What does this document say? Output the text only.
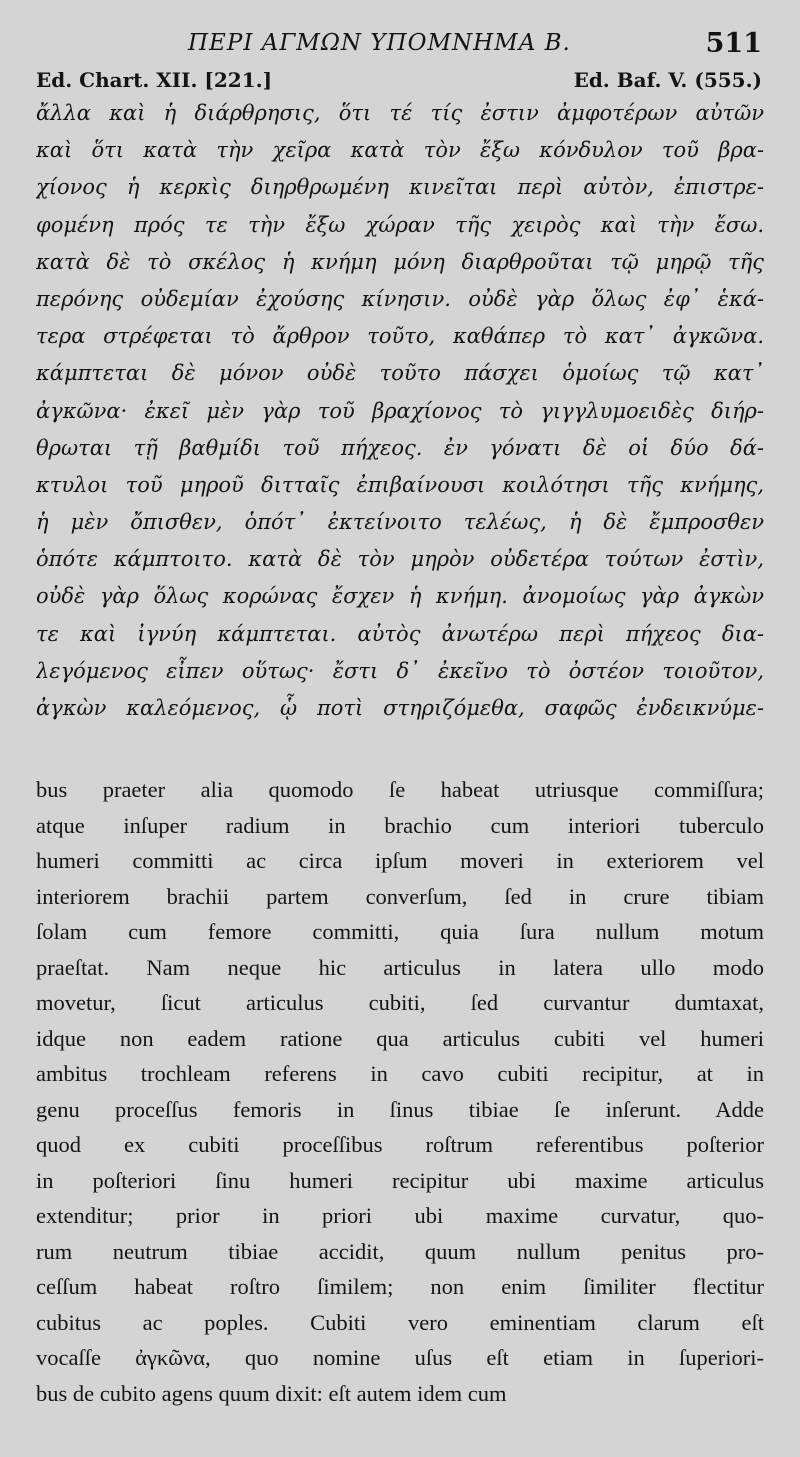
ΠΕΡΙ ΑΓΜΩΝ ΥΠΟΜΝΗΜΑ Β.	511
Ed. Chart. XII. [221.]	Ed. Baf. V. (555.)
ἄλλα καὶ ἡ διάρθρησις, ὅτι τέ τίς ἐστιν ἀμφοτέρων αὐτῶν
καὶ ὅτι κατὰ τὴν χεῖρα κατὰ τὸν ἔξω κόνδυλον τοῦ βρα-
χίονος ἡ κερκὶς διηρθρωμένη κινεῖται περὶ αὐτὸν, ἐπιστρε-
φομένη πρός τε τὴν ἔξω χώραν τῆς χειρὸς καὶ τὴν ἔσω.
κατὰ δὲ τὸ σκέλος ἡ κνήμη μόνη διαρθροῦται τῷ μηρῷ τῆς
περόνης οὐδεμίαν ἐχούσης κίνησιν. οὐδὲ γὰρ ὅλως ἐφ᾽ ἑκά-
τερα στρέφεται τὸ ἄρθρον τοῦτο, καθάπερ τὸ κατ᾽ ἀγκῶνα.
κάμπτεται δὲ μόνον οὐδὲ τοῦτο πάσχει ὁμοίως τῷ κατ᾽
ἀγκῶνα· ἐκεῖ μὲν γὰρ τοῦ βραχίονος τὸ γιγγλυμοειδὲς διήρ-
θρωται τῇ βαθμίδι τοῦ πήχεος. ἐν γόνατι δὲ οἱ δύο δά-
κτυλοι τοῦ μηροῦ διτταῖς ἐπιβαίνουσι κοιλότησι τῆς κνήμης,
ἡ μὲν ὄπισθεν, ὁπότ᾽ ἐκτείνοιτο τελέως, ἡ δὲ ἔμπροσθεν
ὁπότε κάμπτοιτο. κατὰ δὲ τὸν μηρὸν οὐδετέρα τούτων ἐστὶν,
οὐδὲ γὰρ ὅλως κορώνας ἔσχεν ἡ κνήμη. ἀνομοίως γὰρ ἀγκὼν
τε καὶ ἰγνύη κάμπτεται. αὐτὸς ἀνωτέρω περὶ πήχεος δια-
λεγόμενος εἶπεν οὕτως· ἔστι δ᾽ ἐκεῖνο τὸ ὀστέον τοιοῦτον,
ἀγκὼν καλεόμενος, ᾧ ποτὶ στηριζόμεθα, σαφῶς ἐνδεικνύμε-
bus praeter alia quomodo ſe habeat utriusque commiſſura;
atque inſuper radium in brachio cum interiori tuberculo
humeri committi ac circa ipſum moveri in exteriorem vel
interiorem brachii partem converſum, ſed in crure tibiam
ſolam cum femore committi, quia ſura nullum motum
praeſtat. Nam neque hic articulus in latera ullo modo
movetur, ſicut articulus cubiti, ſed curvantur dumtaxat,
idque non eadem ratione qua articulus cubiti vel humeri
ambitus trochleam referens in cavo cubiti recipitur, at in
genu proceſſus femoris in ſinus tibiae ſe inſerunt. Adde
quod ex cubiti proceſſibus roſtrum referentibus poſterior
in poſteriori ſinu humeri recipitur ubi maxime articulus
extenditur; prior in priori ubi maxime curvatur, quo-
rum neutrum tibiae accidit, quum nullum penitus pro-
ceſſum habeat roſtro ſimilem; non enim ſimiliter flectitur
cubitus ac poples. Cubiti vero eminentiam clarum eſt
vocaſſe ἀγκῶνα, quo nomine uſus eſt etiam in ſuperiori-
bus de cubito agens quum dixit: eſt autem idem cum
